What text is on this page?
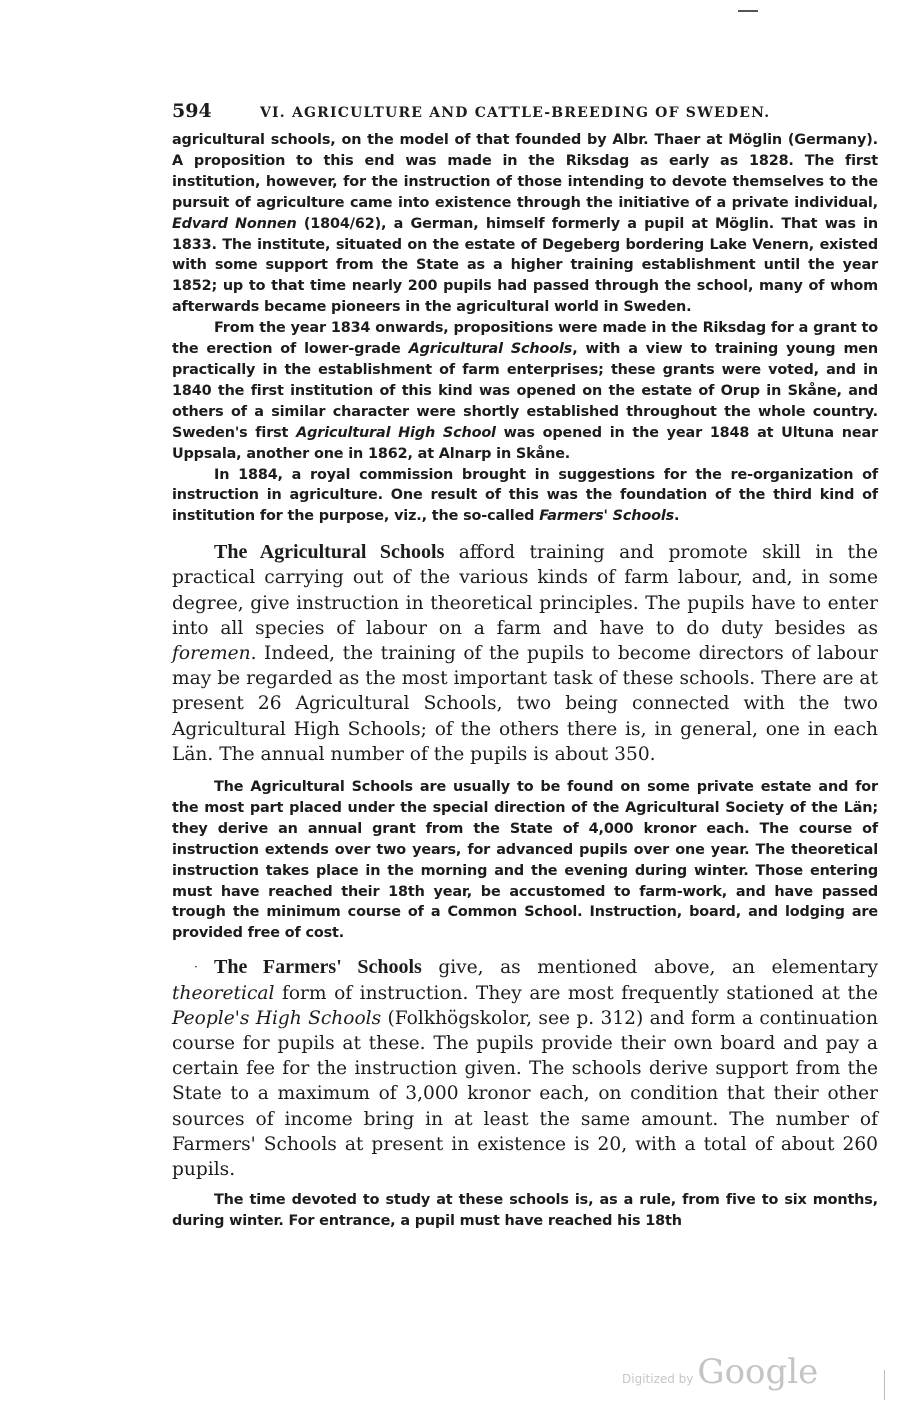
594	VI. AGRICULTURE AND CATTLE-BREEDING OF SWEDEN.

agricultural schools, on the model of that founded by Albr. Thaer at Möglin (Germany). A proposition to this end was made in the Riksdag as early as 1828. The first institution, however, for the instruction of those intending to devote themselves to the pursuit of agriculture came into existence through the initiative of a private individual, Edvard Nonnen (1804/62), a German, himself formerly a pupil at Möglin. That was in 1833. The institute, situated on the estate of Degeberg bordering Lake Venern, existed with some support from the State as a higher training establishment until the year 1852; up to that time nearly 200 pupils had passed through the school, many of whom afterwards became pioneers in the agricultural world in Sweden.

From the year 1834 onwards, propositions were made in the Riksdag for a grant to the erection of lower-grade Agricultural Schools, with a view to training young men practically in the establishment of farm enterprises; these grants were voted, and in 1840 the first institution of this kind was opened on the estate of Orup in Skåne, and others of a similar character were shortly established throughout the whole country. Sweden's first Agricultural High School was opened in the year 1848 at Ultuna near Uppsala, another one in 1862, at Alnarp in Skåne.

In 1884, a royal commission brought in suggestions for the re-organization of instruction in agriculture. One result of this was the foundation of the third kind of institution for the purpose, viz., the so-called Farmers' Schools.

The Agricultural Schools afford training and promote skill in the practical carrying out of the various kinds of farm labour, and, in some degree, give instruction in theoretical principles. The pupils have to enter into all species of labour on a farm and have to do duty besides as foremen. Indeed, the training of the pupils to become directors of labour may be regarded as the most important task of these schools. There are at present 26 Agricultural Schools, two being connected with the two Agricultural High Schools; of the others there is, in general, one in each Län. The annual number of the pupils is about 350.

The Agricultural Schools are usually to be found on some private estate and for the most part placed under the special direction of the Agricultural Society of the Län; they derive an annual grant from the State of 4,000 kronor each. The course of instruction extends over two years, for advanced pupils over one year. The theoretical instruction takes place in the morning and the evening during winter. Those entering must have reached their 18th year, be accustomed to farm-work, and have passed trough the minimum course of a Common School. Instruction, board, and lodging are provided free of cost.

· The Farmers' Schools give, as mentioned above, an elementary theoretical form of instruction. They are most frequently stationed at the People's High Schools (Folkhögskolor, see p. 312) and form a continuation course for pupils at these. The pupils provide their own board and pay a certain fee for the instruction given. The schools derive support from the State to a maximum of 3,000 kronor each, on condition that their other sources of income bring in at least the same amount. The number of Farmers' Schools at present in existence is 20, with a total of about 260 pupils.

The time devoted to study at these schools is, as a rule, from five to six months, during winter. For entrance, a pupil must have reached his 18th

Digitized by Google
